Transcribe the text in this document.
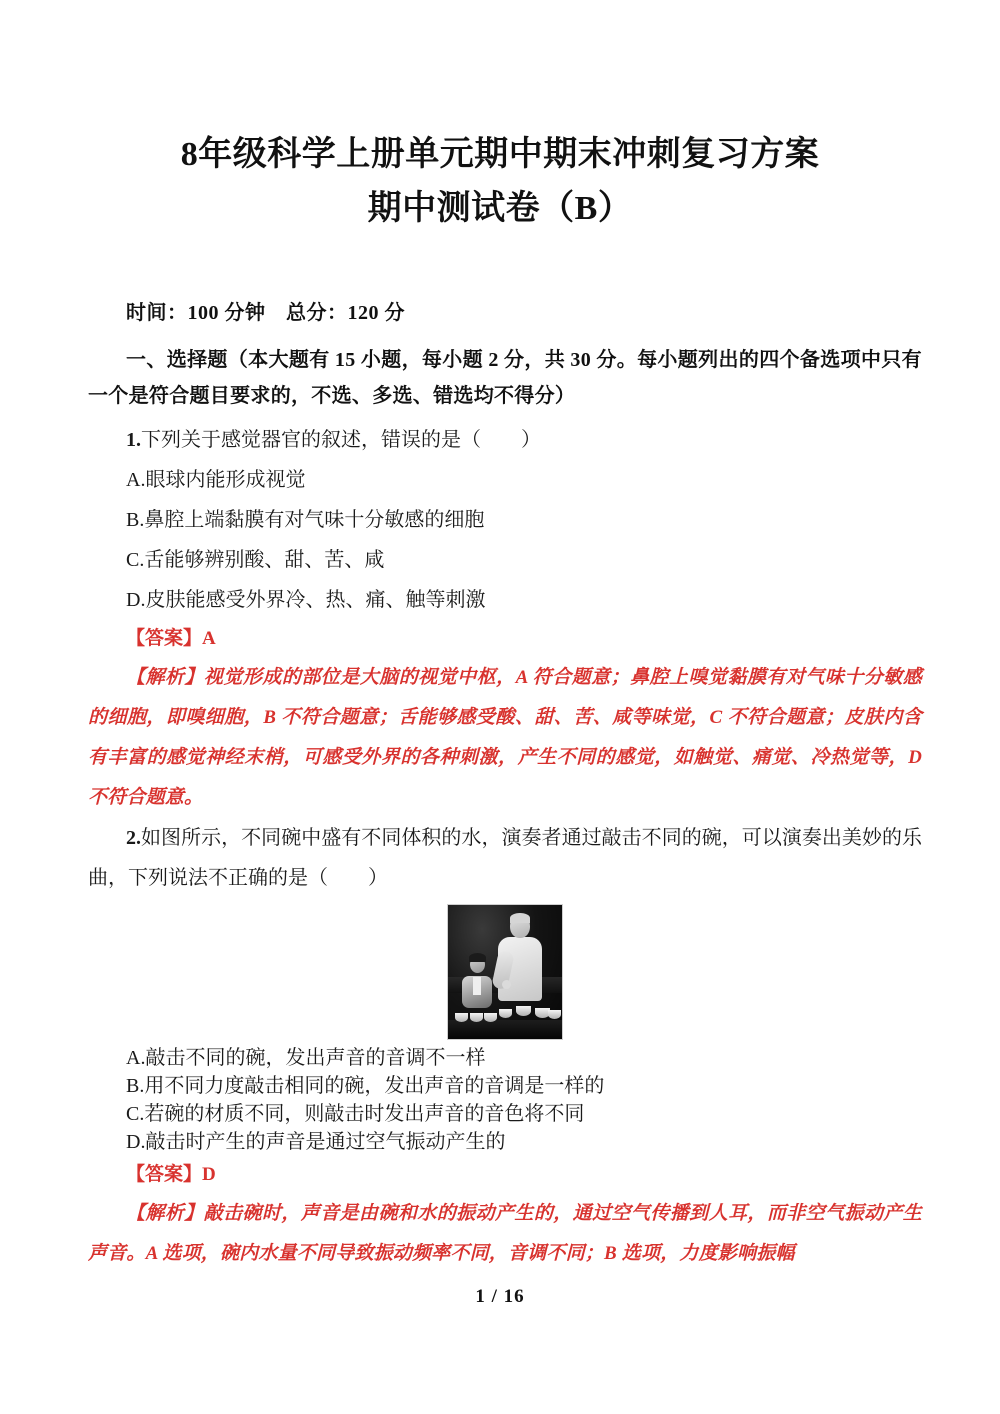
8年级科学上册单元期中期末冲刺复习方案
期中测试卷（B）

时间：100 分钟　总分：120 分

一、选择题（本大题有 15 小题，每小题 2 分，共 30 分。每小题列出的四个备选项中只有一个是符合题目要求的，不选、多选、错选均不得分）

1.下列关于感觉器官的叙述，错误的是（　　）

A.眼球内能形成视觉

B.鼻腔上端黏膜有对气味十分敏感的细胞

C.舌能够辨别酸、甜、苦、咸

D.皮肤能感受外界冷、热、痛、触等刺激

【答案】A

【解析】视觉形成的部位是大脑的视觉中枢，A 符合题意；鼻腔上嗅觉黏膜有对气味十分敏感的细胞，即嗅细胞，B 不符合题意；舌能够感受酸、甜、苦、咸等味觉，C 不符合题意；皮肤内含有丰富的感觉神经末梢，可感受外界的各种刺激，产生不同的感觉，如触觉、痛觉、冷热觉等，D 不符合题意。

2.如图所示，不同碗中盛有不同体积的水，演奏者通过敲击不同的碗，可以演奏出美妙的乐曲，下列说法不正确的是（　　）

A.敲击不同的碗，发出声音的音调不一样

B.用不同力度敲击相同的碗，发出声音的音调是一样的

C.若碗的材质不同，则敲击时发出声音的音色将不同

D.敲击时产生的声音是通过空气振动产生的

【答案】D

【解析】敲击碗时，声音是由碗和水的振动产生的，通过空气传播到人耳，而非空气振动产生声音。A 选项，碗内水量不同导致振动频率不同，音调不同；B 选项，力度影响振幅

1 / 16
